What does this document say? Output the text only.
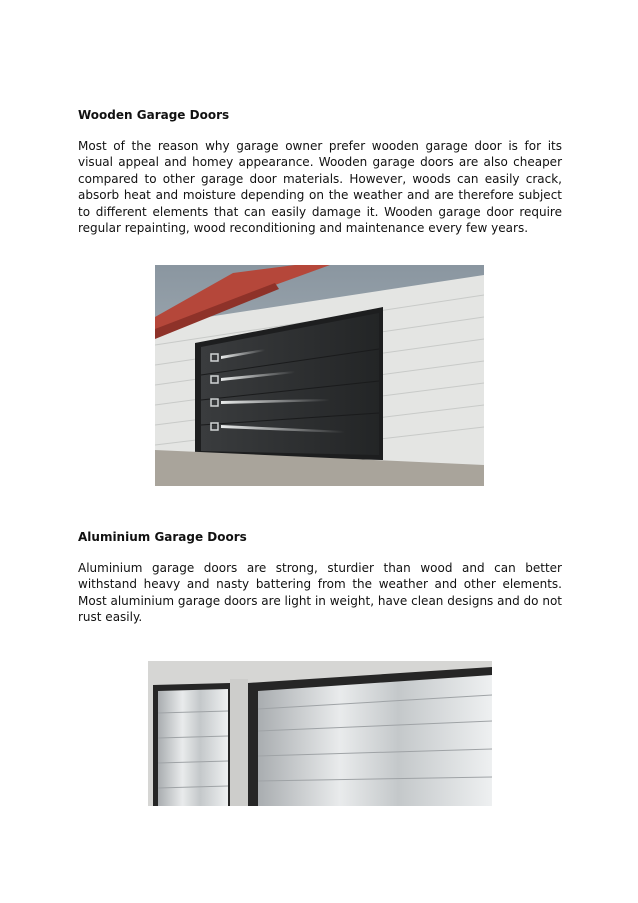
Wooden Garage Doors

Most of the reason why garage owner prefer wooden garage door is for its visual appeal and homey appearance. Wooden garage doors are also cheaper compared to other garage door materials. However, woods can easily crack, absorb heat and moisture depending on the weather and are therefore subject to different elements that can easily damage it. Wooden garage door require regular repainting, wood reconditioning and maintenance every few years.

Aluminium Garage Doors

Aluminium garage doors are strong, sturdier than wood and can better withstand heavy and nasty battering from the weather and other elements. Most aluminium garage doors are light in weight, have clean designs and do not rust easily.
